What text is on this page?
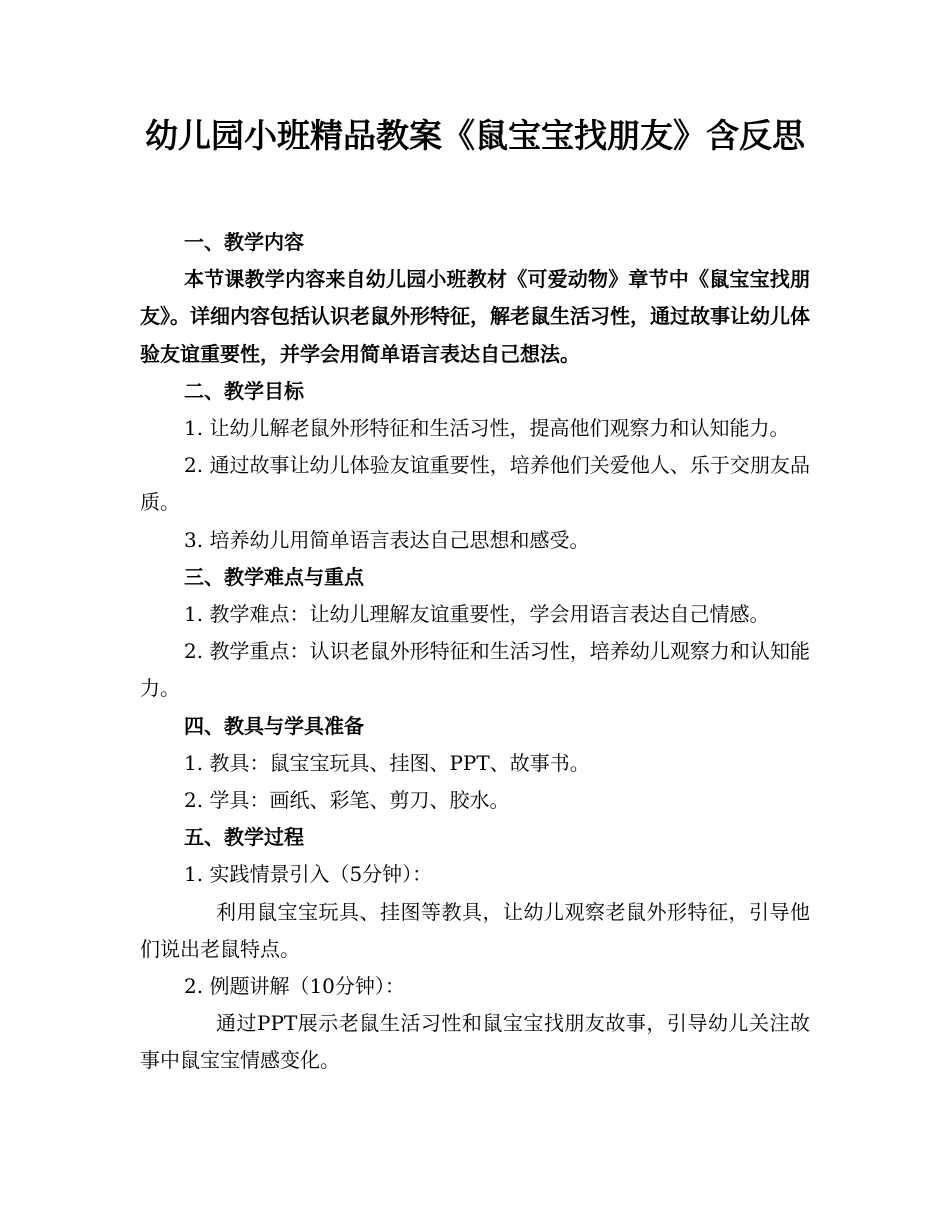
幼儿园小班精品教案《鼠宝宝找朋友》含反思

一、教学内容

本节课教学内容来自幼儿园小班教材《可爱动物》章节中《鼠宝宝找朋友》。详细内容包括认识老鼠外形特征，解老鼠生活习性，通过故事让幼儿体验友谊重要性，并学会用简单语言表达自己想法。

二、教学目标

1. 让幼儿解老鼠外形特征和生活习性，提高他们观察力和认知能力。

2. 通过故事让幼儿体验友谊重要性，培养他们关爱他人、乐于交朋友品质。

3. 培养幼儿用简单语言表达自己思想和感受。

三、教学难点与重点

1. 教学难点：让幼儿理解友谊重要性，学会用语言表达自己情感。

2. 教学重点：认识老鼠外形特征和生活习性，培养幼儿观察力和认知能力。

四、教具与学具准备

1. 教具：鼠宝宝玩具、挂图、PPT、故事书。

2. 学具：画纸、彩笔、剪刀、胶水。

五、教学过程

1. 实践情景引入（5分钟）：

利用鼠宝宝玩具、挂图等教具，让幼儿观察老鼠外形特征，引导他们说出老鼠特点。

2. 例题讲解（10分钟）：

通过PPT展示老鼠生活习性和鼠宝宝找朋友故事，引导幼儿关注故事中鼠宝宝情感变化。
